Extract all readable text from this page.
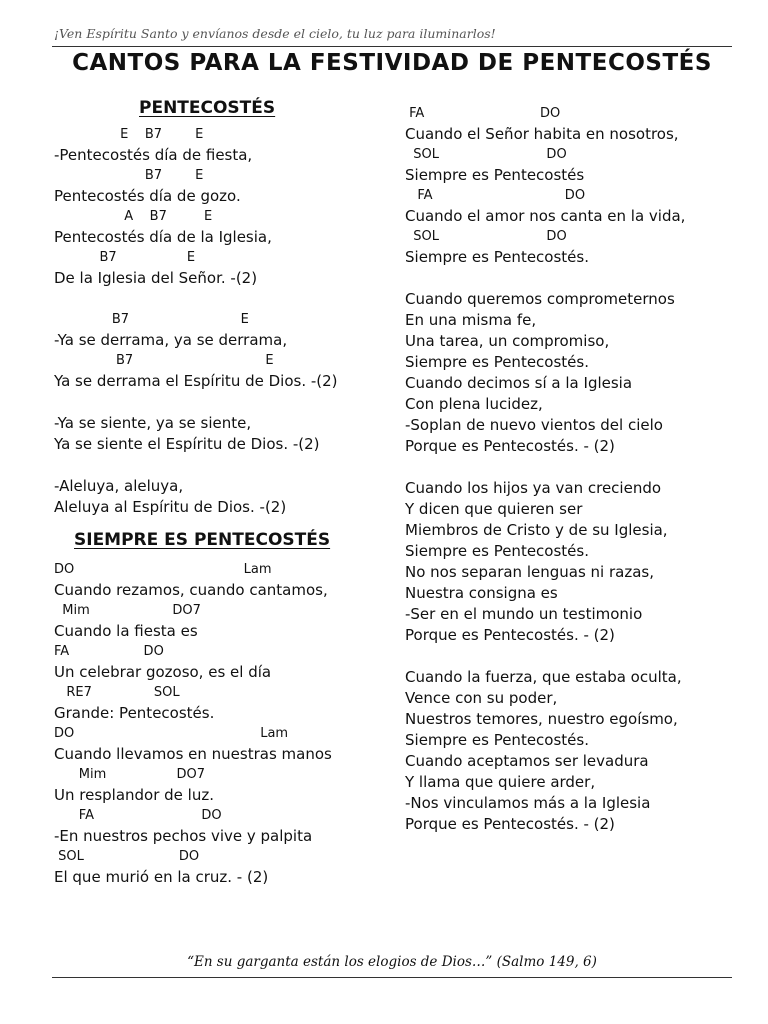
¡Ven Espíritu Santo y envíanos desde el cielo, tu luz para iluminarlos!
CANTOS PARA LA FESTIVIDAD DE PENTECOSTÉS
PENTECOSTÉS
E    B7        E
-Pentecostés día de fiesta,
B7        E
Pentecostés día de gozo.
A    B7         E
Pentecostés día de la Iglesia,
B7                 E
De la Iglesia del Señor. -(2)
B7                           E
-Ya se derrama, ya se derrama,
B7                                E
Ya se derrama el Espíritu de Dios. -(2)
-Ya se siente, ya se siente,
Ya se siente el Espíritu de Dios. -(2)
-Aleluya, aleluya,
Aleluya al Espíritu de Dios. -(2)
SIEMPRE ES PENTECOSTÉS
DO                                         Lam
Cuando rezamos, cuando cantamos,
Mim                    DO7
Cuando la fiesta es
FA                  DO
Un celebrar gozoso, es el día
RE7               SOL
Grande: Pentecostés.
DO                                             Lam
Cuando llevamos en nuestras manos
Mim                 DO7
Un resplandor de luz.
FA                          DO
-En nuestros pechos vive y palpita
SOL                       DO
El que murió en la cruz. - (2)
FA                            DO
Cuando el Señor habita en nosotros,
SOL                          DO
Siempre es Pentecostés
FA                                DO
Cuando el amor nos canta en la vida,
SOL                          DO
Siempre es Pentecostés.
Cuando queremos comprometernos
En una misma fe,
Una tarea, un compromiso,
Siempre es Pentecostés.
Cuando decimos sí a la Iglesia
Con plena lucidez,
-Soplan de nuevo vientos del cielo
Porque es Pentecostés. - (2)
Cuando los hijos ya van creciendo
Y dicen que quieren ser
Miembros de Cristo y de su Iglesia,
Siempre es Pentecostés.
No nos separan lenguas ni razas,
Nuestra consigna es
-Ser en el mundo un testimonio
Porque es Pentecostés. - (2)
Cuando la fuerza, que estaba oculta,
Vence con su poder,
Nuestros temores, nuestro egoísmo,
Siempre es Pentecostés.
Cuando aceptamos ser levadura
Y llama que quiere arder,
-Nos vinculamos más a la Iglesia
Porque es Pentecostés. - (2)
“En su garganta están los elogios de Dios…” (Salmo 149, 6)
